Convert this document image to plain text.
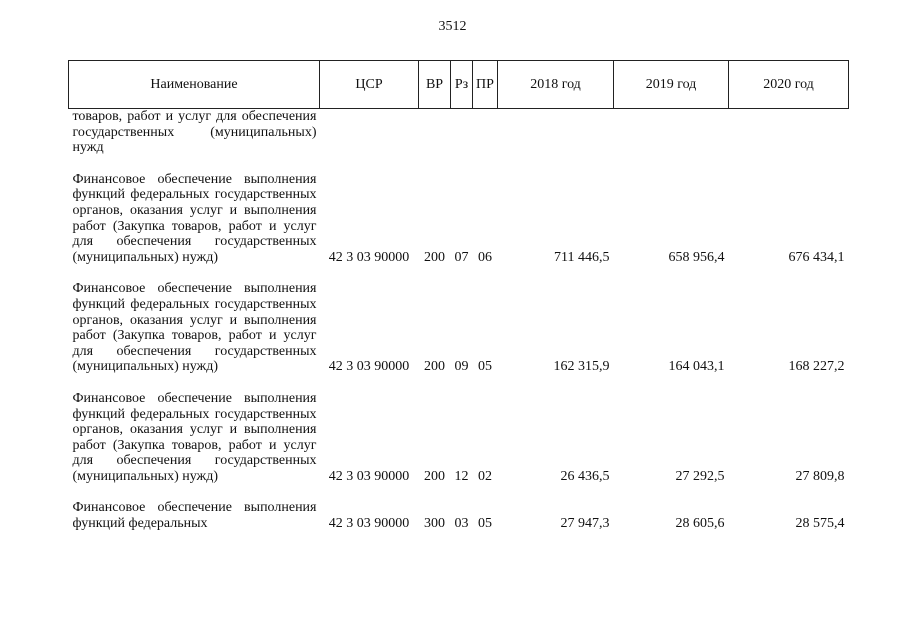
3512
Наименование	ЦСР	ВР	Рз	ПР	2018 год	2019 год	2020 год
товаров, работ и услуг для обеспечения государственных (муниципальных) нужд							

Финансовое обеспечение выполнения функций федеральных государственных органов, оказания услуг и выполнения работ (Закупка товаров, работ и услуг для обеспечения государственных (муниципальных) нужд)	42 3 03 90000	200	07	06	711 446,5	658 956,4	676 434,1

Финансовое обеспечение выполнения функций федеральных государственных органов, оказания услуг и выполнения работ (Закупка товаров, работ и услуг для обеспечения государственных (муниципальных) нужд)	42 3 03 90000	200	09	05	162 315,9	164 043,1	168 227,2

Финансовое обеспечение выполнения функций федеральных государственных органов, оказания услуг и выполнения работ (Закупка товаров, работ и услуг для обеспечения государственных (муниципальных) нужд)	42 3 03 90000	200	12	02	26 436,5	27 292,5	27 809,8

Финансовое обеспечение выполнения функций федеральных	42 3 03 90000	300	03	05	27 947,3	28 605,6	28 575,4
